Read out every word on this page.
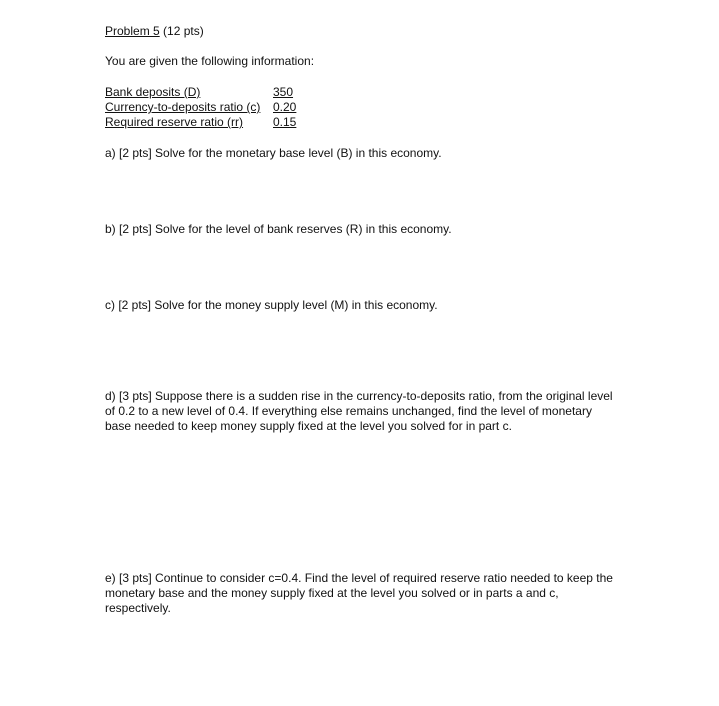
Problem 5 (12 pts)

You are given the following information:

Bank deposits (D)	350
Currency-to-deposits ratio (c)	0.20
Required reserve ratio (rr)	0.15

a) [2 pts] Solve for the monetary base level (B) in this economy.

b) [2 pts] Solve for the level of bank reserves (R) in this economy.

c) [2 pts] Solve for the money supply level (M) in this economy.

d) [3 pts] Suppose there is a sudden rise in the currency-to-deposits ratio, from the original level of 0.2 to a new level of 0.4. If everything else remains unchanged, find the level of monetary base needed to keep money supply fixed at the level you solved for in part c.

e) [3 pts] Continue to consider c=0.4. Find the level of required reserve ratio needed to keep the monetary base and the money supply fixed at the level you solved or in parts a and c, respectively.
